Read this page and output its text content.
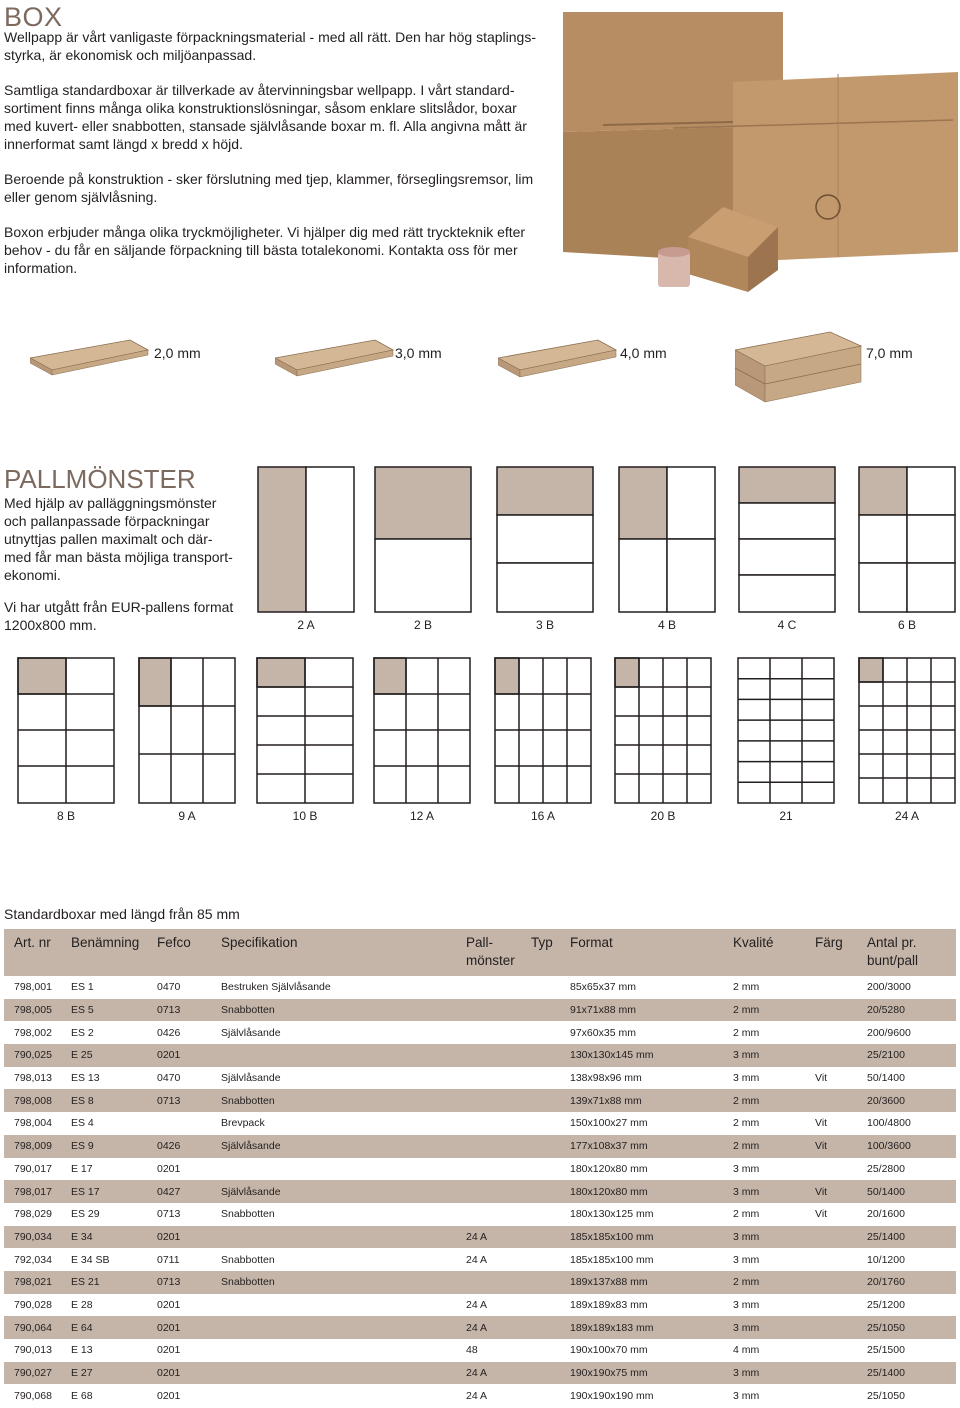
BOX

Wellpapp är vårt vanligaste förpackningsmaterial - med all rätt. Den har hög staplings-
styrka, är ekonomisk och miljöanpassad.

Samtliga standardboxar är tillverkade av återvinningsbar wellpapp. I vårt standard-
sortiment finns många olika konstruktionslösningar, såsom enklare slitslådor, boxar
med kuvert- eller snabbotten, stansade självlåsande boxar m. fl. Alla angivna mått är
innerformat samt längd x bredd x höjd.

Beroende på konstruktion - sker förslutning med tjep, klammer, förseglingsremsor, lim
eller genom självlåsning.

Boxon erbjuder många olika tryckmöjligheter. Vi hjälper dig med rätt tryckteknik efter
behov - du får en säljande förpackning till bästa totalekonomi. Kontakta oss för mer
information.

2,0 mm	3,0 mm	4,0 mm	7,0 mm
PALLMÖNSTER
Med hjälp av palläggningsmönster
och pallanpassade förpackningar
utnyttjas pallen maximalt och där-
med får man bästa möjliga transport-
ekonomi.
Vi har utgått från EUR-pallens format
1200x800 mm.	2 A	2 B	3 B	4 B	4 C	6 B
8 B	9 A	10 B	12 A	16 A	20 B	21	24 A
Standardboxar med längd från 85 mm
Art. nr	Benämning	Fefco	Specifikation	Pall-
mönster	Typ	Format	Kvalité	Färg	Antal pr.
bunt/pall
798,001	ES 1	0470	Bestruken Självlåsande			85x65x37 mm	2 mm		200/3000
798,005	ES 5	0713	Snabbotten			91x71x88 mm	2 mm		20/5280
798,002	ES 2	0426	Självlåsande			97x60x35 mm	2 mm		200/9600
790,025	E 25	0201				130x130x145 mm	3 mm		25/2100
798,013	ES 13	0470	Självlåsande			138x98x96 mm	3 mm	Vit	50/1400
798,008	ES 8	0713	Snabbotten			139x71x88 mm	2 mm		20/3600
798,004	ES 4		Brevpack			150x100x27 mm	2 mm	Vit	100/4800
798,009	ES 9	0426	Självlåsande			177x108x37 mm	2 mm	Vit	100/3600
790,017	E 17	0201				180x120x80 mm	3 mm		25/2800
798,017	ES 17	0427	Självlåsande			180x120x80 mm	3 mm	Vit	50/1400
798,029	ES 29	0713	Snabbotten			180x130x125 mm	2 mm	Vit	20/1600
790,034	E 34	0201		24 A		185x185x100 mm	3 mm		25/1400
792,034	E 34 SB	0711	Snabbotten	24 A		185x185x100 mm	3 mm		10/1200
798,021	ES 21	0713	Snabbotten			189x137x88 mm	2 mm		20/1760
790,028	E 28	0201		24 A		189x189x83 mm	3 mm		25/1200
790,064	E 64	0201		24 A		189x189x183 mm	3 mm		25/1050
790,013	E 13	0201		48		190x100x70 mm	4 mm		25/1500
790,027	E 27	0201		24 A		190x190x75 mm	3 mm		25/1400
790,068	E 68	0201		24 A		190x190x190 mm	3 mm		25/1050
